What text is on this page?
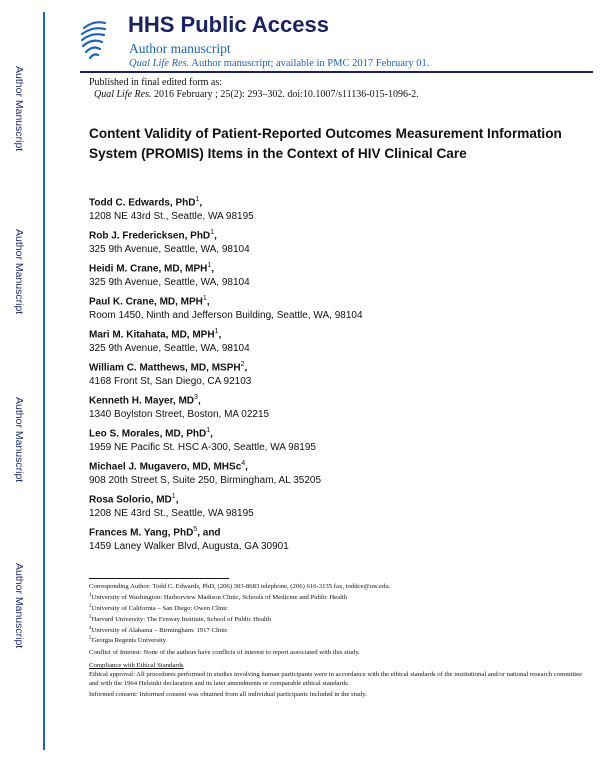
Author Manuscript
Author Manuscript
Author Manuscript
Author Manuscript
HHS Public Access
Author manuscript
Qual Life Res. Author manuscript; available in PMC 2017 February 01.
Published in final edited form as:
Qual Life Res. 2016 February ; 25(2): 293–302. doi:10.1007/s11136-015-1096-2.
Content Validity of Patient-Reported Outcomes Measurement Information System (PROMIS) Items in the Context of HIV Clinical Care
Todd C. Edwards, PhD$^1$,
1208 NE 43rd St., Seattle, WA 98195
Rob J. Fredericksen, PhD$^1$,
325 9th Avenue, Seattle, WA, 98104
Heidi M. Crane, MD, MPH$^1$,
325 9th Avenue, Seattle, WA, 98104
Paul K. Crane, MD, MPH$^1$,
Room 1450, Ninth and Jefferson Building, Seattle, WA, 98104
Mari M. Kitahata, MD, MPH$^1$,
325 9th Avenue, Seattle, WA, 98104
William C. Matthews, MD, MSPH$^2$,
4168 Front St, San Diego, CA 92103
Kenneth H. Mayer, $MD^3$,
1340 Boylston Street, Boston, MA 02215
Leo S. Morales, MD, PhD$^1$,
1959 NE Pacific St. HSC A-300, Seattle, WA 98195
Michael J. Mugavero, MD, MHSc$^4$,
908 20th Street S, Suite 250, Birmingham, AL 35205
Rosa Solorio, $MD^1$,
1208 NE 43rd St., Seattle, WA 98195
Frances M. Yang, PhD$^5$, and
1459 Laney Walker Blvd, Augusta, GA 30901
Corresponding Author: Todd C. Edwards, PhD, (206) 303-8683 telephone, (206) 616-3135 fax, toddce@uw.edu.
$^1$University of Washington: Harborview Madison Clinic, Schools of Medicine and Public Health
$^2$University of California – San Diego: Owen Clinic
$^3$Harvard University: The Fenway Institute, School of Public Health
$^4$University of Alabama – Birmingham: 1917 Clinic
$^5$Georgia Regents University
Conflict of Interest: None of the authors have conflicts of interest to report associated with this study.
Compliance with Ethical Standards
Ethical approval: All procedures performed in studies involving human participants were in accordance with the ethical standards of the institutional and/or national research committee and with the 1964 Helsinki declaration and its later amendments or comparable ethical standards.
Informed consent: Informed consent was obtained from all individual participants included in the study.
